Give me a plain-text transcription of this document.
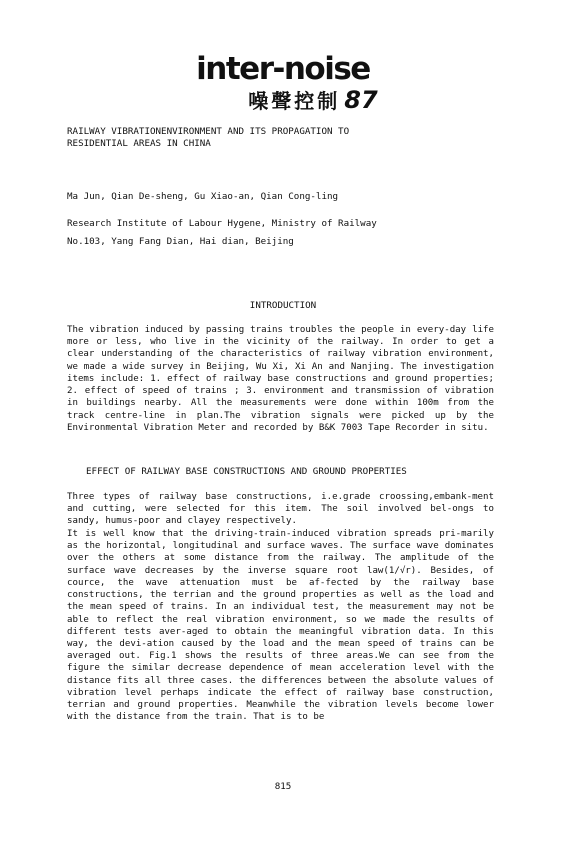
inter-noise
噪聲控制 87
RAILWAY VIBRATIONENVIRONMENT AND ITS PROPAGATION TO
RESIDENTIAL AREAS IN CHINA
Ma Jun, Qian De-sheng, Gu Xiao-an, Qian Cong-ling
Research Institute of Labour Hygene, Ministry of Railway
No.103, Yang Fang Dian, Hai dian, Beijing
INTRODUCTION
The vibration induced by passing trains troubles the people in every-day life more or less, who live in the vicinity of the railway. In order to get a clear understanding of the characteristics of railway vibration environment, we made a wide survey in Beijing, Wu Xi, Xi An and Nanjing. The investigation items include: 1. effect of railway base constructions and ground properties; 2. effect of speed of trains ; 3. environment and transmission of vibration in buildings nearby. All the measurements were done within 100m from the track centre-line in plan.The vibration signals were picked up by the Environmental Vibration Meter and recorded by B&K 7003 Tape Recorder in situ.
EFFECT OF RAILWAY BASE CONSTRUCTIONS AND GROUND PROPERTIES
Three types of railway base constructions, i.e.grade croossing,embank-ment and cutting, were selected for this item. The soil involved bel-ongs to sandy, humus-poor and clayey respectively.
It is well know that the driving-train-induced vibration spreads pri-marily as the horizontal, longitudinal and surface waves. The surface wave dominates over the others at some distance from the railway. The amplitude of the surface wave decreases by the inverse square root law(1/√r). Besides, of cource, the wave attenuation must be af-fected by the railway base constructions, the terrian and the ground properties as well as the load and the mean speed of trains. In an individual test, the measurement may not be able to reflect the real vibration environment, so we made the results of different tests aver-aged to obtain the meaningful vibration data. In this way, the devi-ation caused by the load and the mean speed of trains can be averaged out. Fig.1 shows the results of three areas.We can see from the figure the similar decrease dependence of mean acceleration level with the distance fits all three cases. the differences between the absolute values of vibration level perhaps indicate the effect of railway base construction, terrian and ground properties. Meanwhile the vibration levels become lower with the distance from the train. That is to be
815
